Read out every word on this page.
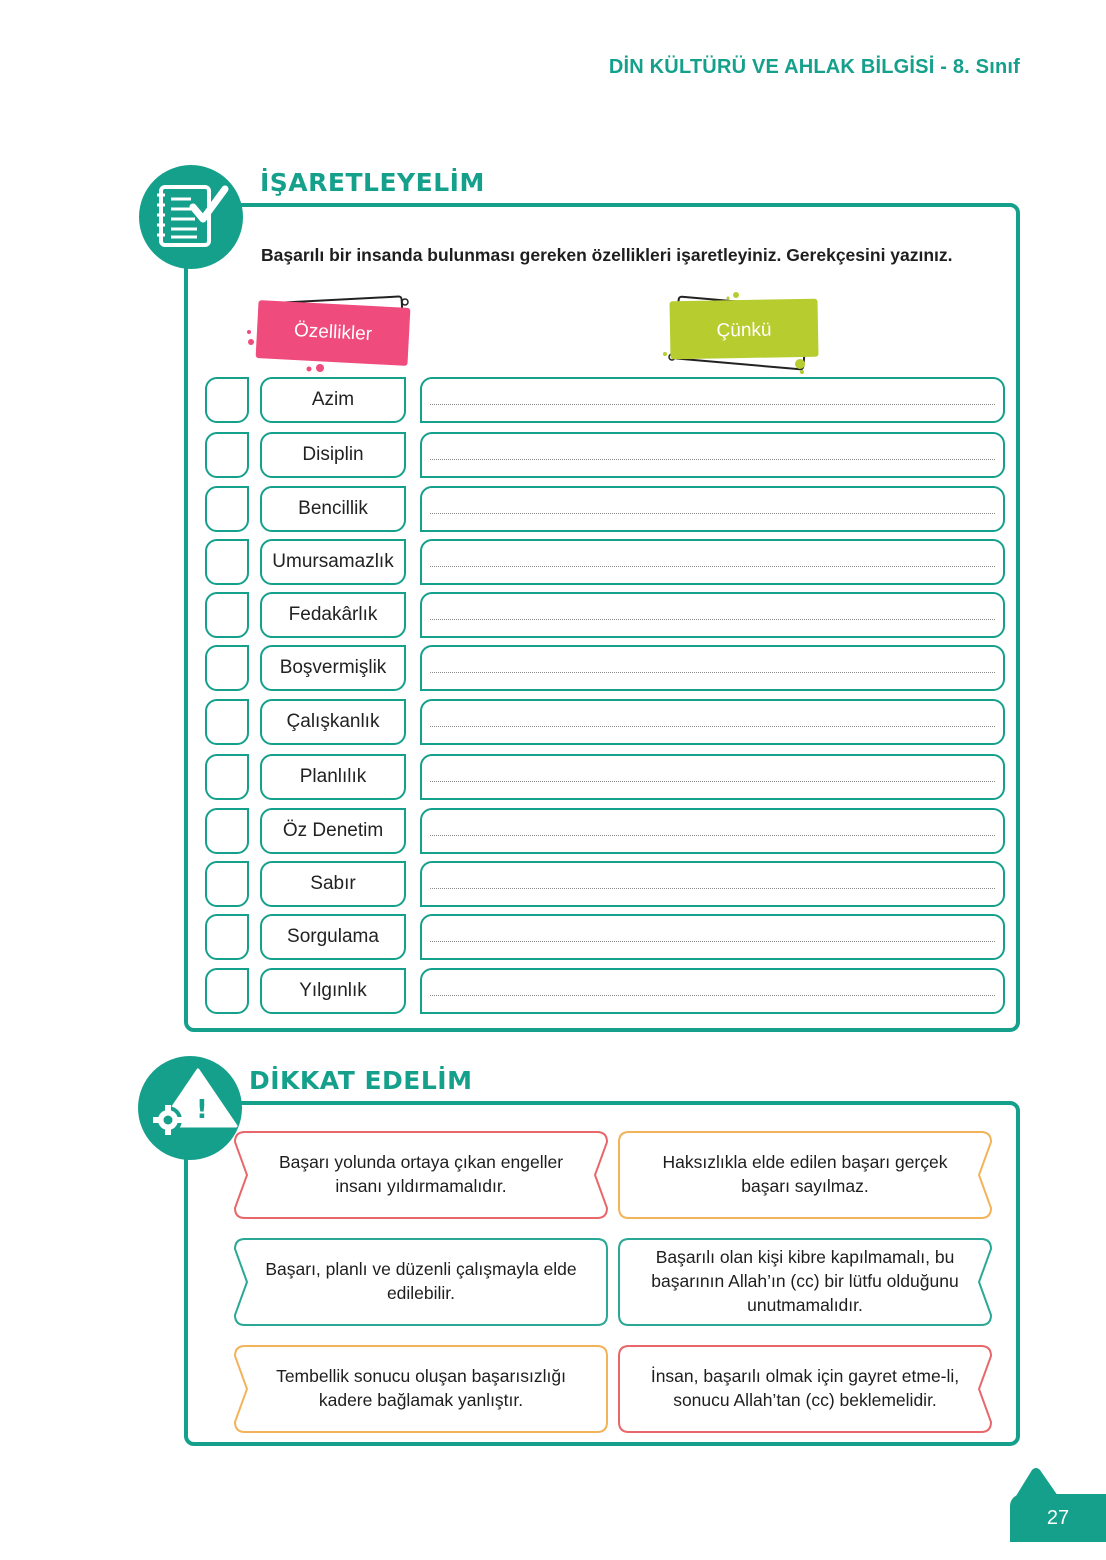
DİN KÜLTÜRÜ VE AHLAK BİLGİSİ - 8. Sınıf
İŞARETLEYELİM
Başarılı bir insanda bulunması gereken özellikleri işaretleyiniz. Gerekçesini yazınız.
Özellikler	Çünkü
Azim
Disiplin
Bencillik
Umursamazlık
Fedakârlık
Boşvermişlik
Çalışkanlık
Planlılık
Öz Denetim
Sabır
Sorgulama
Yılgınlık
!
DİKKAT EDELİM
Başarı yolunda ortaya çıkan engeller insanı yıldırmamalıdır.
Haksızlıkla elde edilen başarı gerçek başarı sayılmaz.
Başarı, planlı ve düzenli çalışmayla elde edilebilir.
Başarılı olan kişi kibre kapılmamalı, bu başarının Allah’ın (cc) bir lütfu olduğunu unutmamalıdır.
Tembellik sonucu oluşan başarısızlığı kadere bağlamak yanlıştır.
İnsan, başarılı olmak için gayret etme-li, sonucu Allah’tan (cc) beklemelidir.
27
